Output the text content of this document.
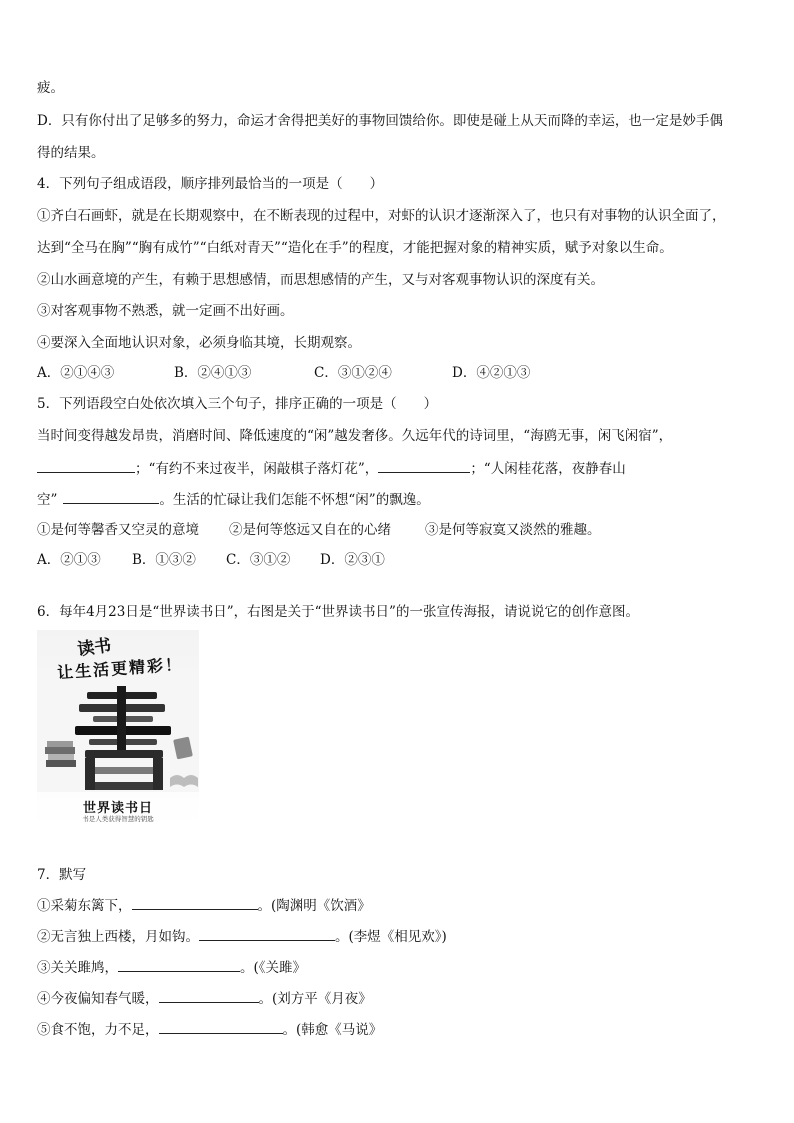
疲。
D．只有你付出了足够多的努力，命运才舍得把美好的事物回馈给你。即使是碰上从天而降的幸运，也一定是妙手偶
得的结果。
4．下列句子组成语段，顺序排列最恰当的一项是（　　）
①齐白石画虾，就是在长期观察中，在不断表现的过程中，对虾的认识才逐渐深入了，也只有对事物的认识全面了，
达到“全马在胸”“胸有成竹”“白纸对青天”“造化在手”的程度，才能把握对象的精神实质，赋予对象以生命。
②山水画意境的产生，有赖于思想感情，而思想感情的产生，又与对客观事物认识的深度有关。
③对客观事物不熟悉，就一定画不出好画。
④要深入全面地认识对象，必须身临其境，长期观察。
A．②①④③	B．②④①③	C．③①②④	D．④②①③
5．下列语段空白处依次填入三个句子，排序正确的一项是（　　）
当时间变得越发昂贵，消磨时间、降低速度的“闲”越发奢侈。久远年代的诗词里，“海鸥无事，闲飞闲宿”，
；“有约不来过夜半，闲敲棋子落灯花”，	；“人闲桂花落，夜静春山
空”	。生活的忙碌让我们怎能不怀想“闲”的飘逸。
①是何等馨香又空灵的意境 ②是何等悠远又自在的心绪	③是何等寂寞又淡然的雅趣。
A．②①③ B．①③② C．③①② D．②③①
6．每年4月23日是“世界读书日”，右图是关于“世界读书日”的一张宣传海报，请说说它的创作意图。
读书
让生活更精彩！
世界读书日
书是人类获得智慧的钥匙
7．默写
①采菊东篱下，	。(陶渊明《饮酒》
②无言独上西楼，月如钩。	。(李煜《相见欢》)
③关关雎鸠，	。(《关雎》
④今夜偏知春气暖，	。(刘方平《月夜》
⑤食不饱，力不足，	。(韩愈《马说》
